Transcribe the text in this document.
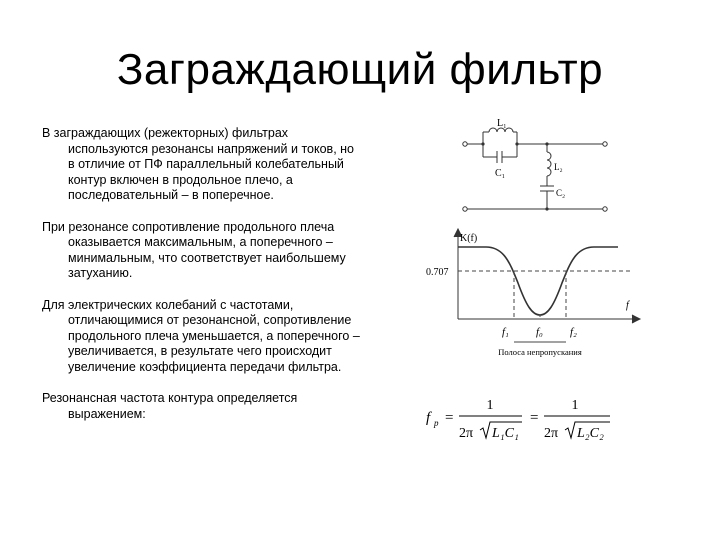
Заграждающий фильтр

В заграждающих (режекторных) фильтрах используются резонансы напряжений и токов, но в отличие от ПФ параллельный колебательный контур включен в продольное плечо, а последовательный – в поперечное.

При резонансе сопротивление продольного плеча оказывается максимальным, а поперечного – минимальным, что соответствует наибольшему затуханию.

Для электрических колебаний с частотами, отличающимися от резонансной, сопротивление продольного плеча уменьшается, а поперечного – увеличивается, в результате чего происходит увеличение коэффициента передачи фильтра.

Резонансная частота контура определяется выражением:

L₁
C₁
L₂
C₂
K(f)
0.707
f
f₁ f₀ f₂
Полоса непропускания
f p =
1
2π L₁C₁
=
1
2π L₂C₂
